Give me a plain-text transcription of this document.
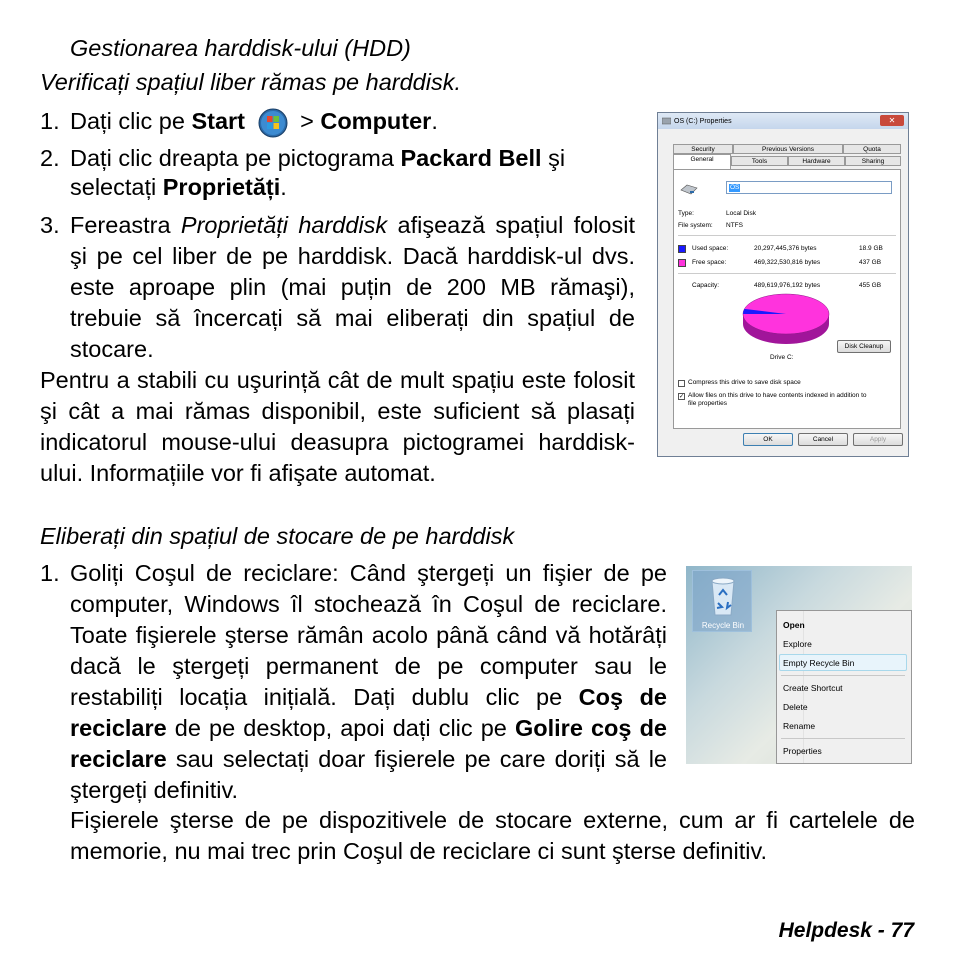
Gestionarea harddisk-ului (HDD)
Verificați spațiul liber rămas pe harddisk.
1. Dați clic pe Start  > Computer.
2. Dați clic dreapta pe pictograma Packard Bell şi
selectați Proprietăți.
3. Fereastra Proprietăți harddisk afişează spațiul folosit şi pe cel liber de pe harddisk. Dacă harddisk-ul dvs. este aproape plin (mai puțin de 200 MB rămaşi), trebuie să încercați să mai eliberați din spațiul de stocare.
Pentru a stabili cu uşurință cât de mult spațiu este folosit şi cât a mai rămas disponibil, este suficient să plasați indicatorul mouse-ului deasupra pictogramei harddisk-ului. Informațiile vor fi afişate automat.
Eliberați din spațiul de stocare de pe harddisk
1. Goliți Coşul de reciclare: Când ştergeți un fişier de pe computer, Windows îl stochează în Coşul de reciclare. Toate fişierele şterse rămân acolo până când vă hotărâți dacă le ştergeți permanent de pe computer sau le restabiliți locația inițială. Dați dublu clic pe Coş de reciclare de pe desktop, apoi dați clic pe Golire coş de reciclare sau selectați doar fişierele pe care doriți să le ştergeți definitiv.
Fişierele şterse de pe dispozitivele de stocare externe, cum ar fi cartelele de memorie, nu mai trec prin Coşul de reciclare ci sunt şterse definitiv.
Helpdesk - 77
OS (C:) Properties	✕
Security	Previous Versions	Quota
General	Tools	Hardware	Sharing
OS
Type:	Local Disk
File system: NTFS
Used space:	20,297,445,376 bytes	18.9 GB
Free space:	469,322,530,816 bytes	437 GB
Capacity:	489,619,976,192 bytes	455 GB
Drive C:
Disk Cleanup
Compress this drive to save disk space
✓ Allow files on this drive to have contents indexed in addition to
file properties
OK	Cancel	Apply
Recycle Bin	Open
Explore
Empty Recycle Bin
Create Shortcut
Delete
Rename
Properties
